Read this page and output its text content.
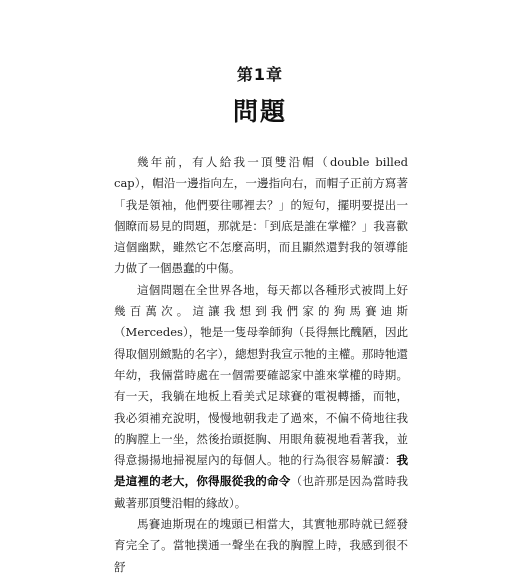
第1章
問題

幾年前，有人給我一頂雙沿帽（double billed cap），帽沿一邊指向左，一邊指向右，而帽子正前方寫著「我是領袖，他們要往哪裡去？」的短句，擺明要提出一個瞭而易見的問題，那就是：「到底是誰在掌權？」我喜歡這個幽默，雖然它不怎麼高明，而且顯然還對我的領導能力做了一個愚蠢的中傷。

這個問題在全世界各地，每天都以各種形式被問上好幾百萬次。這讓我想到我們家的狗馬賽迪斯（Mercedes），牠是一隻母拳師狗（長得無比醜陋，因此得取個別緻點的名字），總想對我宣示牠的主權。那時牠還年幼，我倆當時處在一個需要確認家中誰來掌權的時期。有一天，我躺在地板上看美式足球賽的電視轉播，而牠，我必須補充說明，慢慢地朝我走了過來，不偏不倚地往我的胸膛上一坐，然後抬頭挺胸、用眼角藐視地看著我，並得意揚揚地掃視屋內的每個人。牠的行為很容易解讀：我是這裡的老大，你得服從我的命令（也許那是因為當時我戴著那頂雙沿帽的緣故）。

馬賽迪斯現在的塊頭已相當大，其實牠那時就已經發育完全了。當牠撲通一聲坐在我的胸膛上時，我感到很不舒
